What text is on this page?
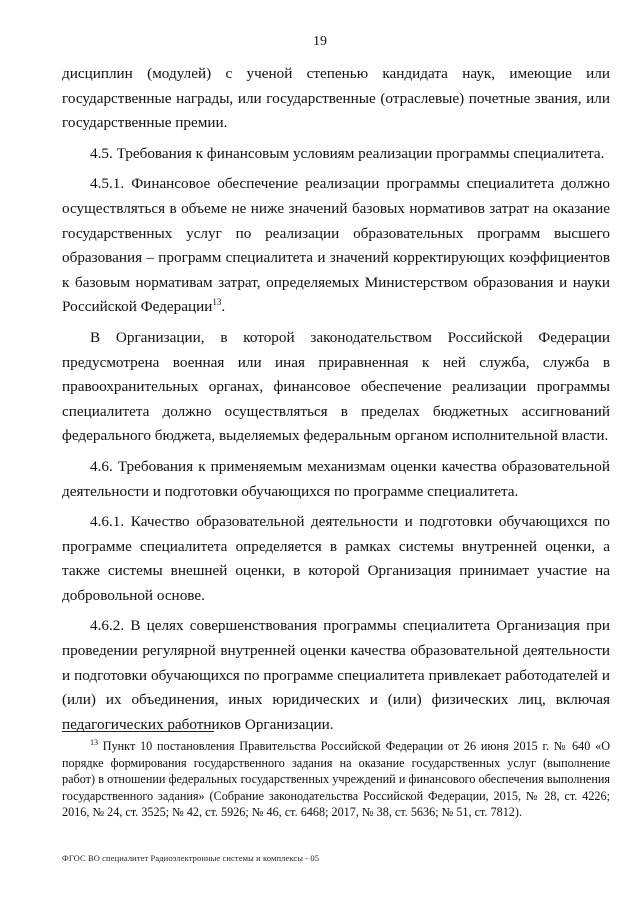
19

дисциплин (модулей) с ученой степенью кандидата наук, имеющие или государственные награды, или государственные (отраслевые) почетные звания, или государственные премии.

4.5. Требования к финансовым условиям реализации программы специалитета.

4.5.1. Финансовое обеспечение реализации программы специалитета должно осуществляться в объеме не ниже значений базовых нормативов затрат на оказание государственных услуг по реализации образовательных программ высшего образования – программ специалитета и значений корректирующих коэффициентов к базовым нормативам затрат, определяемых Министерством образования и науки Российской Федерации$^{13}$.

В Организации, в которой законодательством Российской Федерации предусмотрена военная или иная приравненная к ней служба, служба в правоохранительных органах, финансовое обеспечение реализации программы специалитета должно осуществляться в пределах бюджетных ассигнований федерального бюджета, выделяемых федеральным органом исполнительной власти.

4.6. Требования к применяемым механизмам оценки качества образовательной деятельности и подготовки обучающихся по программе специалитета.

4.6.1. Качество образовательной деятельности и подготовки обучающихся по программе специалитета определяется в рамках системы внутренней оценки, а также системы внешней оценки, в которой Организация принимает участие на добровольной основе.

4.6.2. В целях совершенствования программы специалитета Организация при проведении регулярной внутренней оценки качества образовательной деятельности и подготовки обучающихся по программе специалитета привлекает работодателей и (или) их объединения, иных юридических и (или) физических лиц, включая педагогических работников Организации.

$^{13}$ Пункт 10 постановления Правительства Российской Федерации от 26 июня 2015 г. № 640 «О порядке формирования государственного задания на оказание государственных услуг (выполнение работ) в отношении федеральных государственных учреждений и финансового обеспечения выполнения государственного задания» (Собрание законодательства Российской Федерации, 2015, № 28, ст. 4226; 2016, № 24, ст. 3525; № 42, ст. 5926; № 46, ст. 6468; 2017, № 38, ст. 5636; № 51, ст. 7812).
ФГОС ВО специалитет Радиоэлектронные системы и комплексы - 05
